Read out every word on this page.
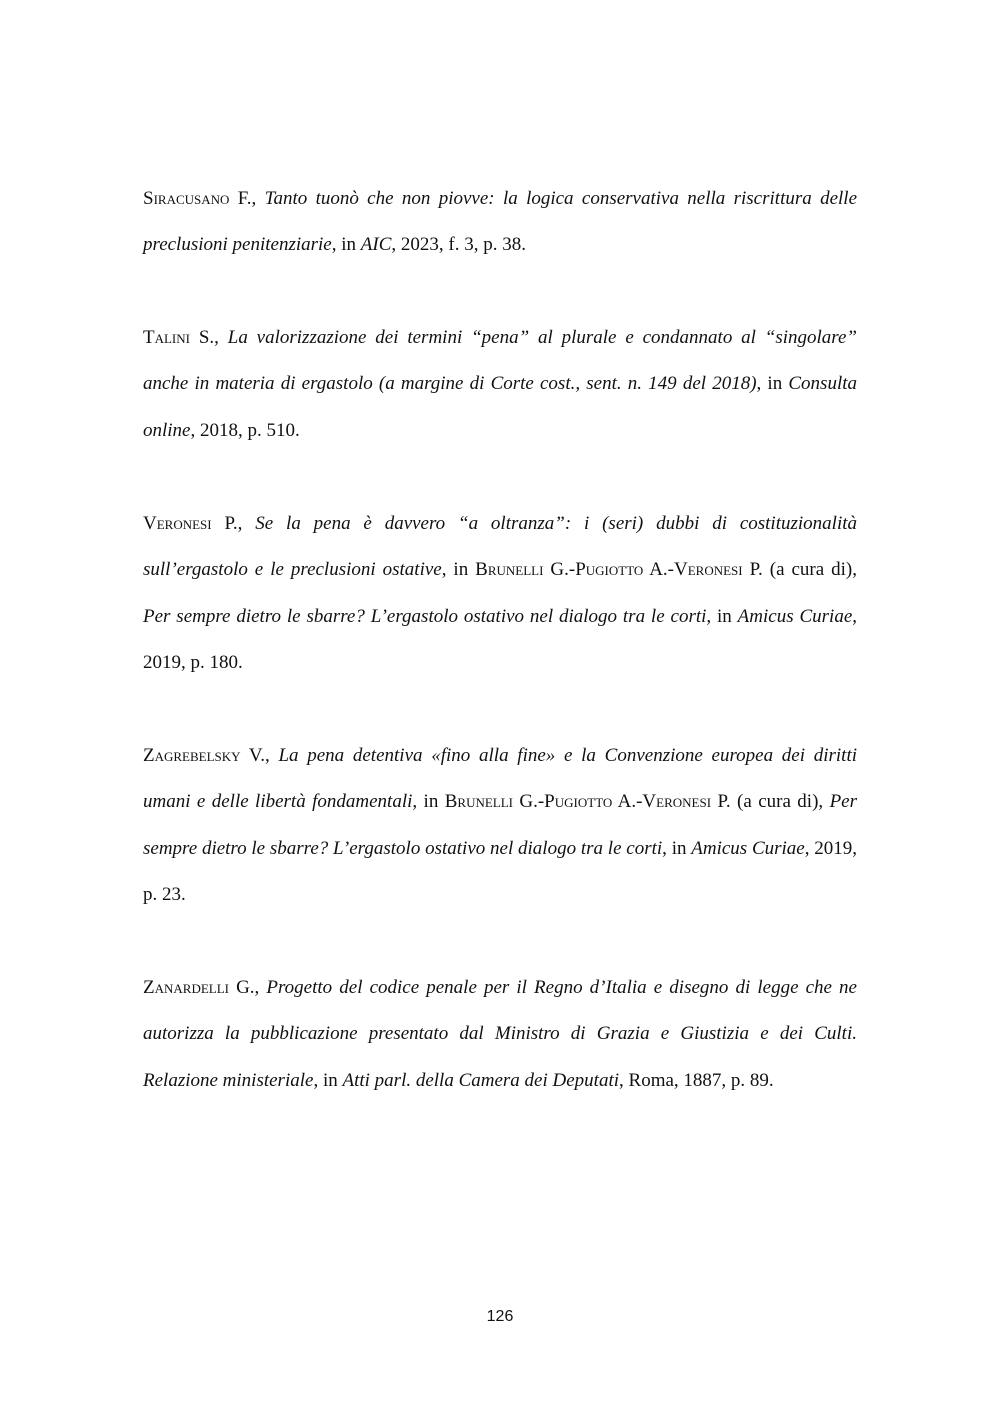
Siracusano F., Tanto tuonò che non piovve: la logica conservativa nella riscrittura delle preclusioni penitenziarie, in AIC, 2023, f. 3, p. 38.

Talini S., La valorizzazione dei termini “pena” al plurale e condannato al “singolare” anche in materia di ergastolo (a margine di Corte cost., sent. n. 149 del 2018), in Consulta online, 2018, p. 510.

Veronesi P., Se la pena è davvero “a oltranza”: i (seri) dubbi di costituzionalità sull’ergastolo e le preclusioni ostative, in Brunelli G.-Pugiotto A.-Veronesi P. (a cura di), Per sempre dietro le sbarre? L’ergastolo ostativo nel dialogo tra le corti, in Amicus Curiae, 2019, p. 180.

Zagrebelsky V., La pena detentiva «fino alla fine» e la Convenzione europea dei diritti umani e delle libertà fondamentali, in Brunelli G.-Pugiotto A.-Veronesi P. (a cura di), Per sempre dietro le sbarre? L’ergastolo ostativo nel dialogo tra le corti, in Amicus Curiae, 2019, p. 23.

Zanardelli G., Progetto del codice penale per il Regno d’Italia e disegno di legge che ne autorizza la pubblicazione presentato dal Ministro di Grazia e Giustizia e dei Culti. Relazione ministeriale, in Atti parl. della Camera dei Deputati, Roma, 1887, p. 89.

126
